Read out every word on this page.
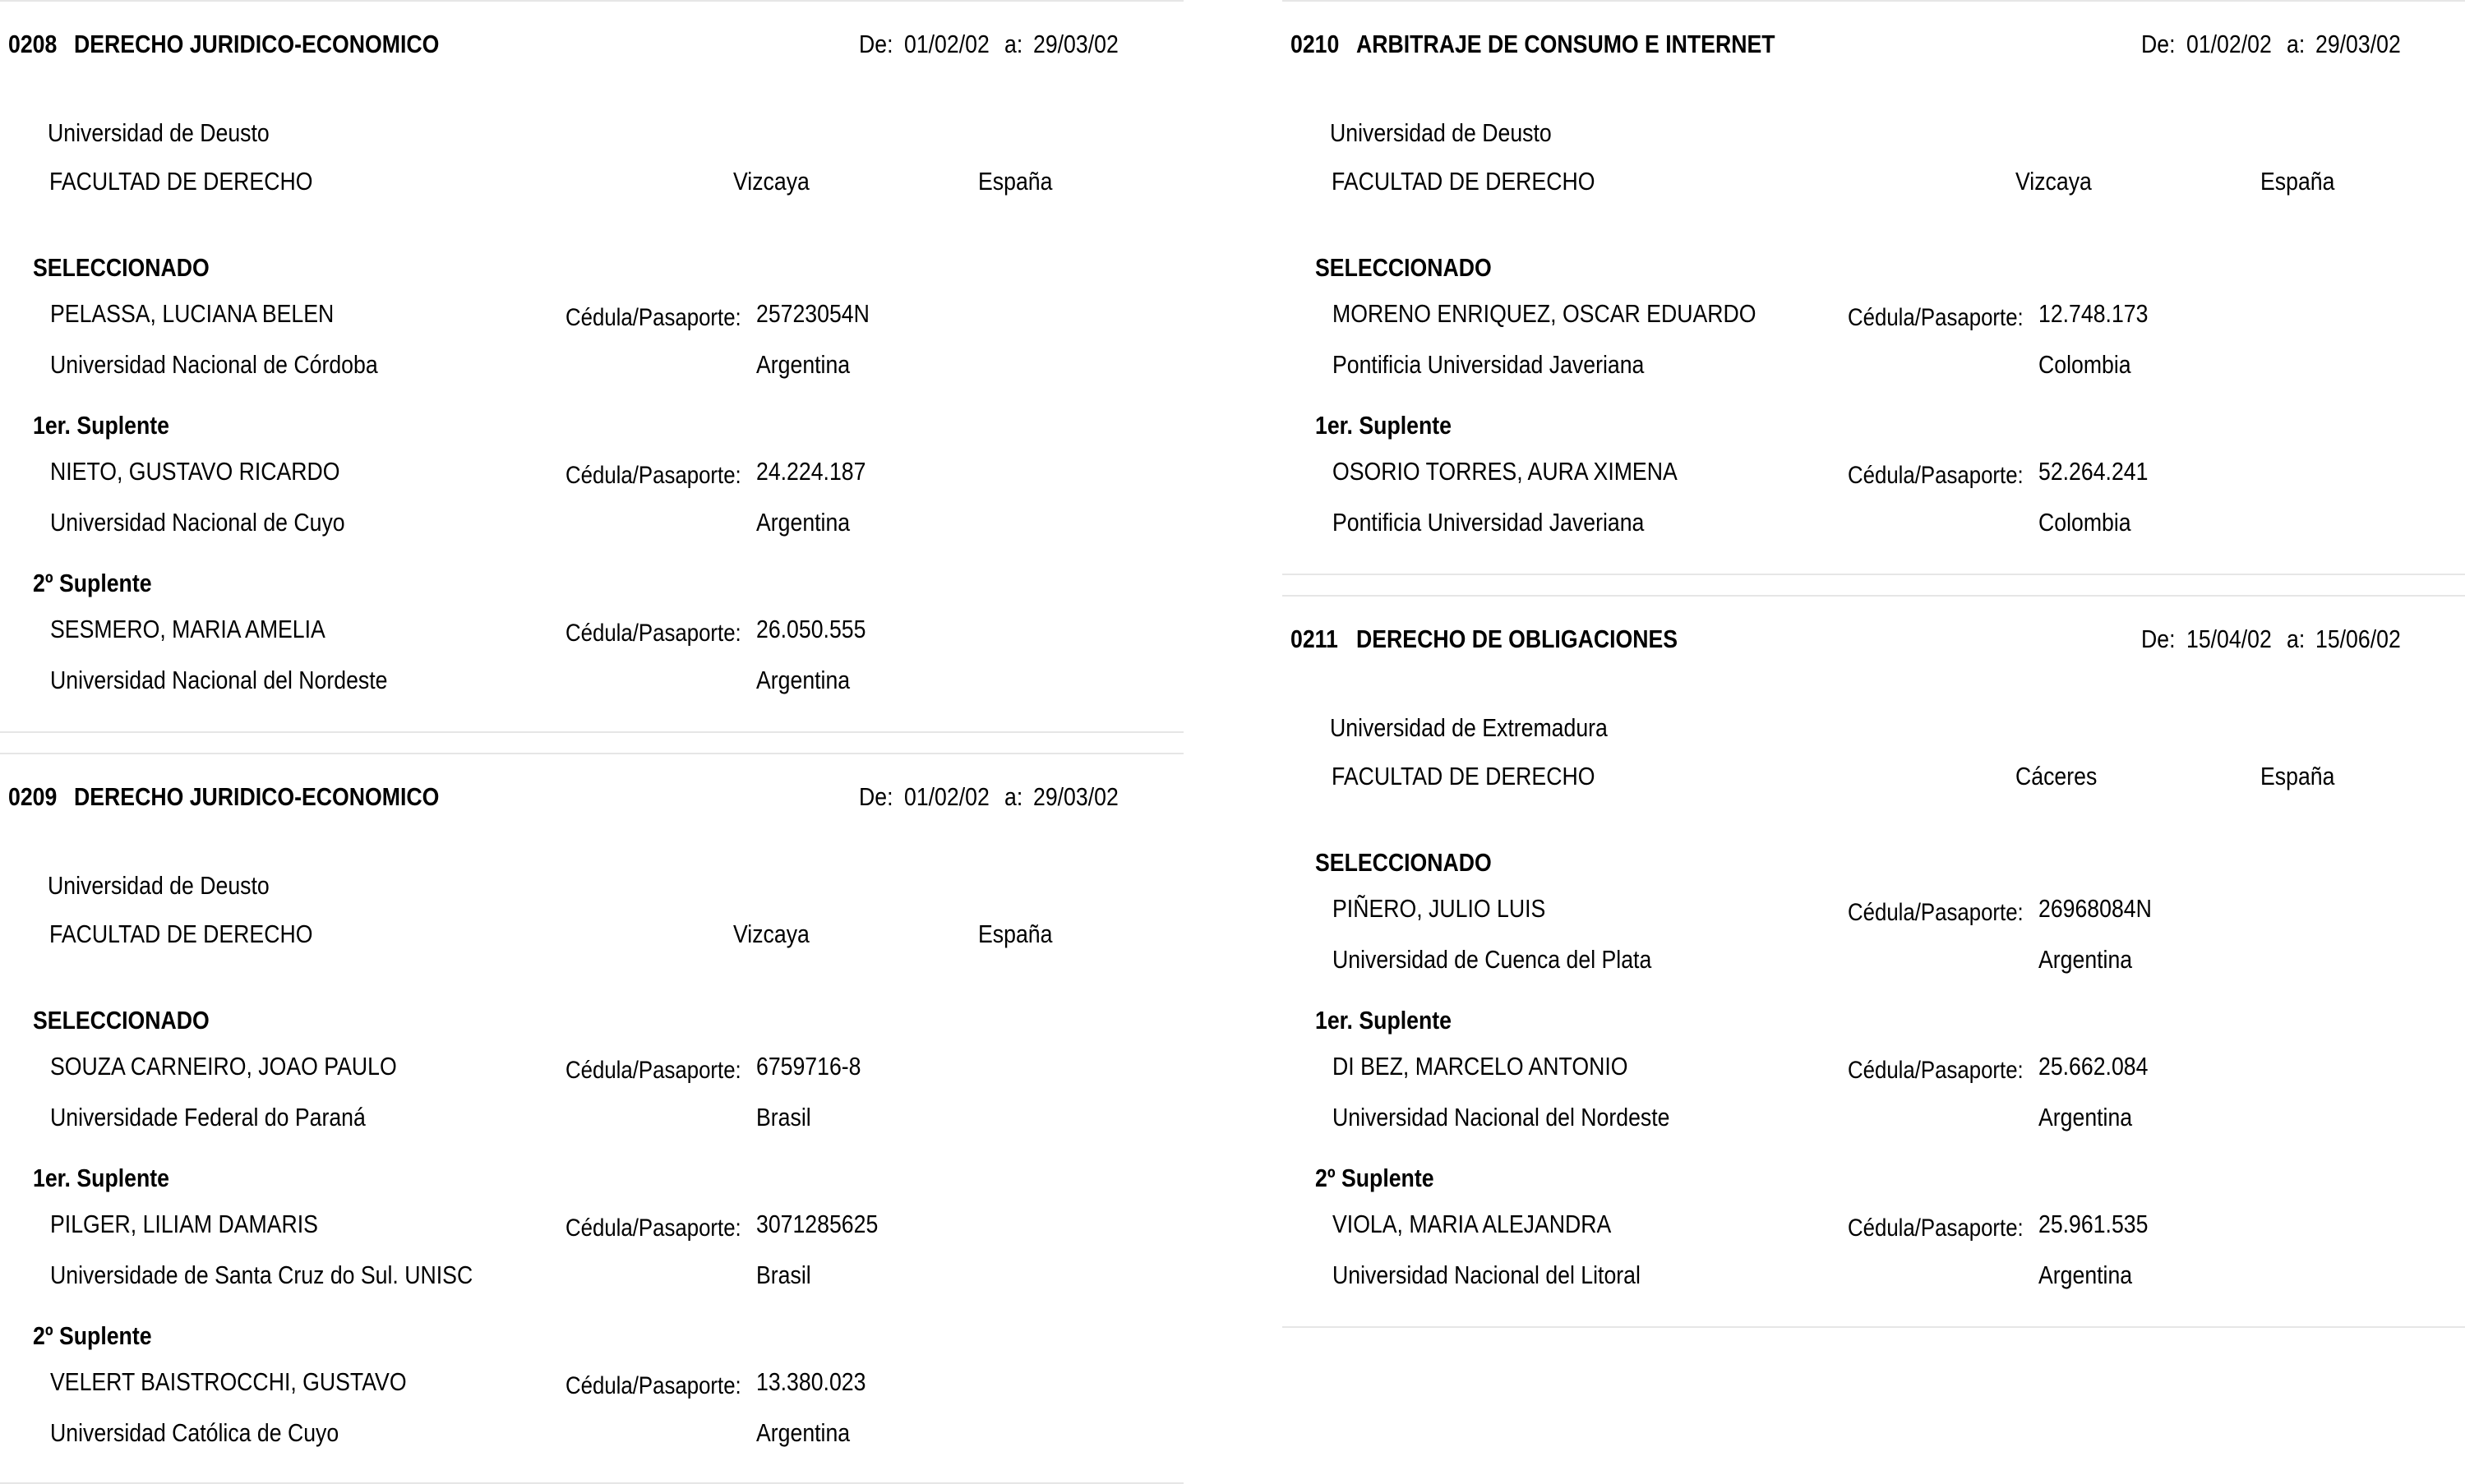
0208 DERECHO JURIDICO-ECONOMICO	De: 01/02/02 a: 29/03/02
Universidad de Deusto
FACULTAD DE DERECHO	Vizcaya	España
SELECCIONADO
PELASSA, LUCIANA BELEN	Cédula/Pasaporte: 25723054N
Universidad Nacional de Córdoba	Argentina
1er. Suplente
NIETO, GUSTAVO RICARDO	Cédula/Pasaporte: 24.224.187
Universidad Nacional de Cuyo	Argentina
2º Suplente
SESMERO, MARIA AMELIA	Cédula/Pasaporte: 26.050.555
Universidad Nacional del Nordeste	Argentina
0209 DERECHO JURIDICO-ECONOMICO	De: 01/02/02 a: 29/03/02
Universidad de Deusto
FACULTAD DE DERECHO	Vizcaya	España
SELECCIONADO
SOUZA CARNEIRO, JOAO PAULO	Cédula/Pasaporte: 6759716-8
Universidade Federal do Paraná	Brasil
1er. Suplente
PILGER, LILIAM DAMARIS	Cédula/Pasaporte: 3071285625
Universidade de Santa Cruz do Sul. UNISC	Brasil
2º Suplente
VELERT BAISTROCCHI, GUSTAVO	Cédula/Pasaporte: 13.380.023
Universidad Católica de Cuyo	Argentina
0210 ARBITRAJE DE CONSUMO E INTERNET	De: 01/02/02 a: 29/03/02
Universidad de Deusto
FACULTAD DE DERECHO	Vizcaya	España
SELECCIONADO
MORENO ENRIQUEZ, OSCAR EDUARDO	Cédula/Pasaporte: 12.748.173
Pontificia Universidad Javeriana	Colombia
1er. Suplente
OSORIO TORRES, AURA XIMENA	Cédula/Pasaporte: 52.264.241
Pontificia Universidad Javeriana	Colombia
0211 DERECHO DE OBLIGACIONES	De: 15/04/02 a: 15/06/02
Universidad de Extremadura
FACULTAD DE DERECHO	Cáceres	España
SELECCIONADO
PIÑERO, JULIO LUIS	Cédula/Pasaporte: 26968084N
Universidad de Cuenca del Plata	Argentina
1er. Suplente
DI BEZ, MARCELO ANTONIO	Cédula/Pasaporte: 25.662.084
Universidad Nacional del Nordeste	Argentina
2º Suplente
VIOLA, MARIA ALEJANDRA	Cédula/Pasaporte: 25.961.535
Universidad Nacional del Litoral	Argentina
